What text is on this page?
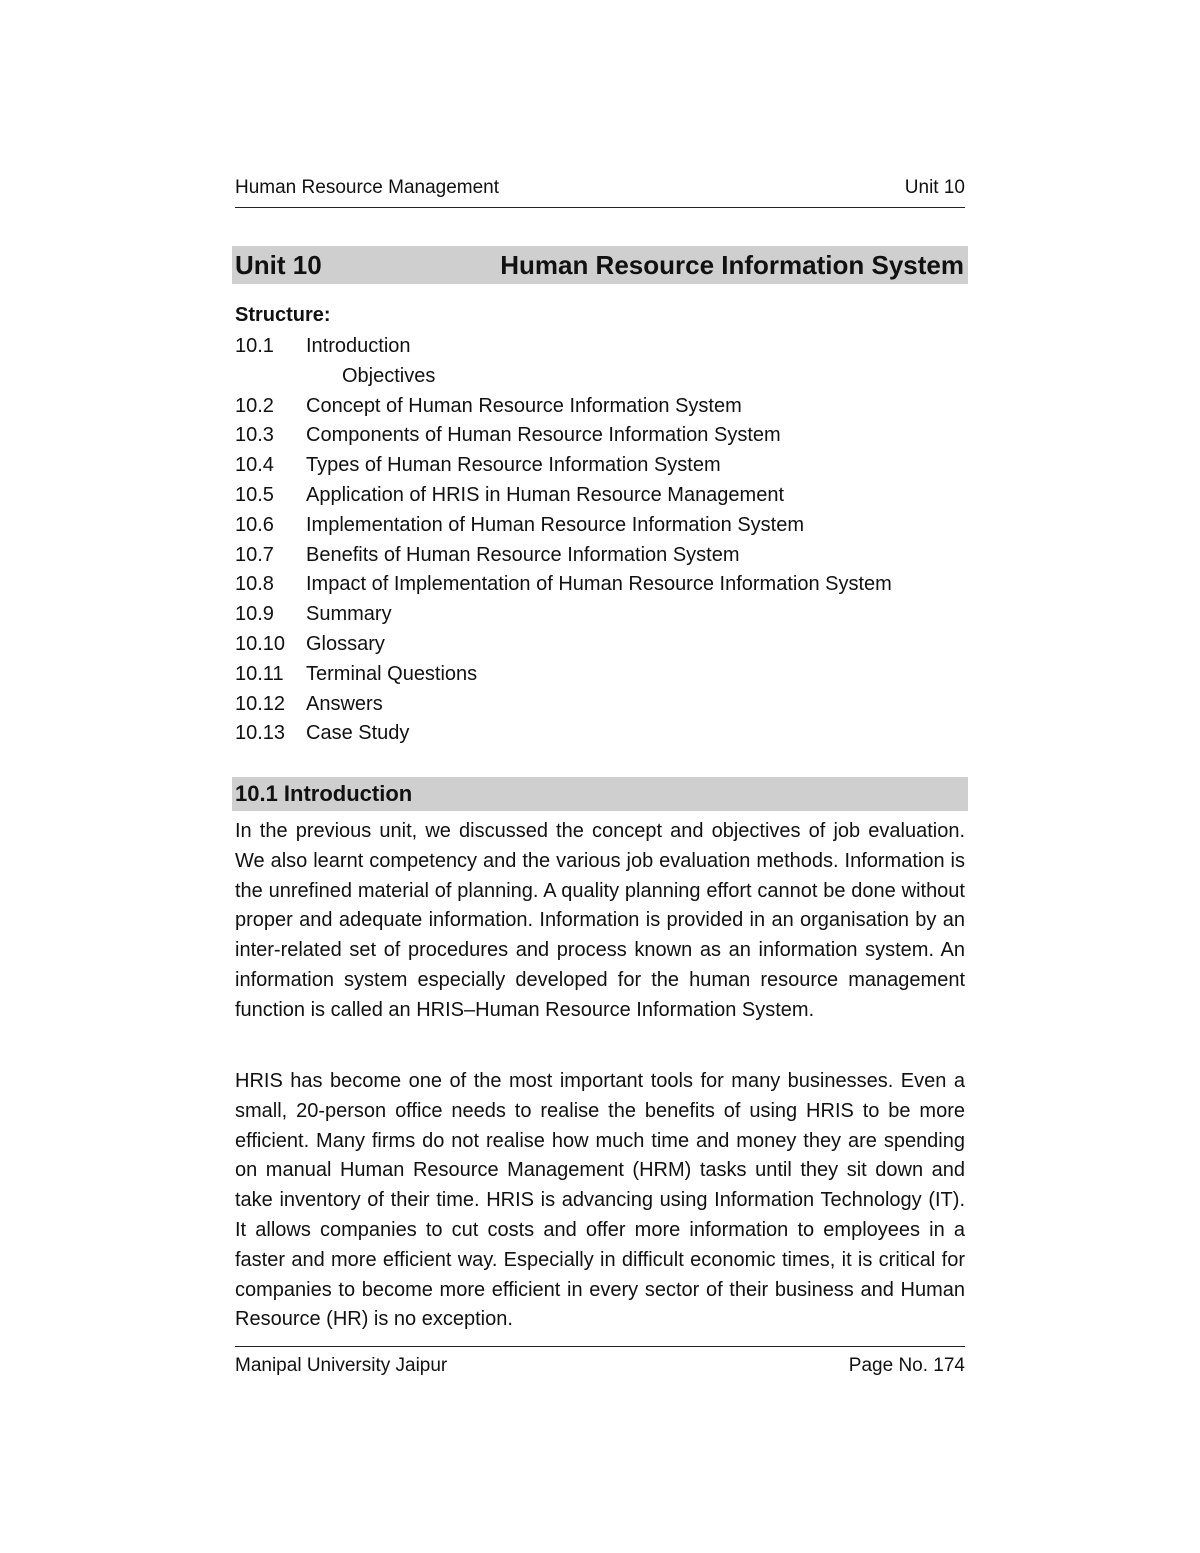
Human Resource Management	Unit 10
Unit 10	Human Resource Information System
Structure:
10.1 Introduction
Objectives
10.2 Concept of Human Resource Information System
10.3 Components of Human Resource Information System
10.4 Types of Human Resource Information System
10.5 Application of HRIS in Human Resource Management
10.6 Implementation of Human Resource Information System
10.7 Benefits of Human Resource Information System
10.8 Impact of Implementation of Human Resource Information System
10.9 Summary
10.10 Glossary
10.11 Terminal Questions
10.12 Answers
10.13 Case Study
10.1 Introduction

In the previous unit, we discussed the concept and objectives of job evaluation. We also learnt competency and the various job evaluation methods. Information is the unrefined material of planning. A quality planning effort cannot be done without proper and adequate information. Information is provided in an organisation by an inter-related set of procedures and process known as an information system. An information system especially developed for the human resource management function is called an HRIS–Human Resource Information System.

HRIS has become one of the most important tools for many businesses. Even a small, 20-person office needs to realise the benefits of using HRIS to be more efficient. Many firms do not realise how much time and money they are spending on manual Human Resource Management (HRM) tasks until they sit down and take inventory of their time. HRIS is advancing using Information Technology (IT). It allows companies to cut costs and offer more information to employees in a faster and more efficient way. Especially in difficult economic times, it is critical for companies to become more efficient in every sector of their business and Human Resource (HR) is no exception.

Manipal University Jaipur	Page No. 174
